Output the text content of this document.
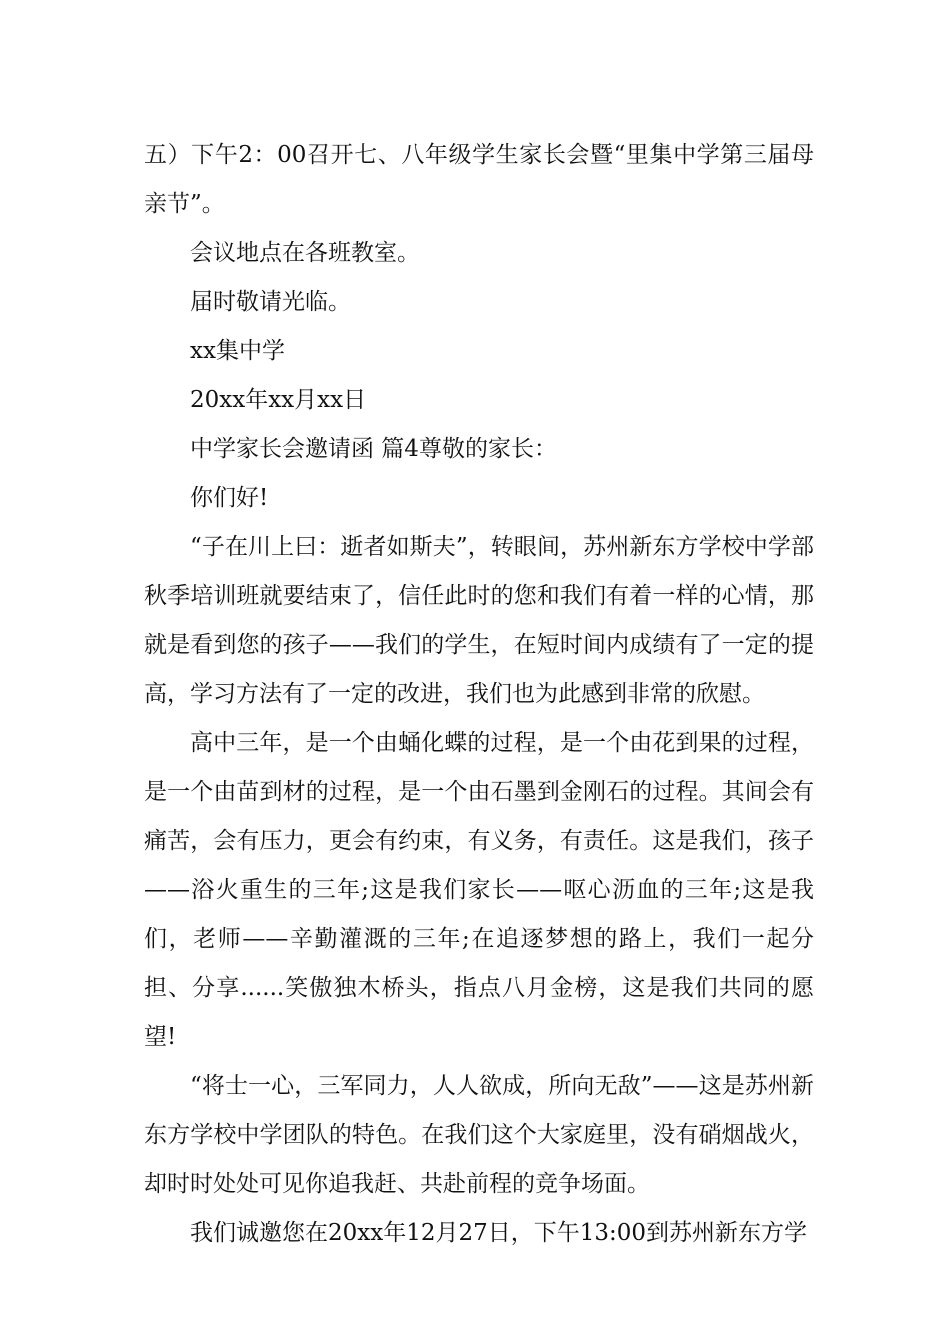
五）下午2：00召开七、八年级学生家长会暨“里集中学第三届母亲节”。

会议地点在各班教室。

届时敬请光临。

xx集中学

20xx年xx月xx日

中学家长会邀请函 篇4尊敬的家长：

你们好!

“子在川上曰：逝者如斯夫”，转眼间，苏州新东方学校中学部秋季培训班就要结束了，信任此时的您和我们有着一样的心情，那就是看到您的孩子——我们的学生，在短时间内成绩有了一定的提高，学习方法有了一定的改进，我们也为此感到非常的欣慰。

高中三年，是一个由蛹化蝶的过程，是一个由花到果的过程，是一个由苗到材的过程，是一个由石墨到金刚石的过程。其间会有痛苦，会有压力，更会有约束，有义务，有责任。这是我们，孩子——浴火重生的三年;这是我们家长——呕心沥血的三年;这是我们，老师——辛勤灌溉的三年;在追逐梦想的路上，我们一起分担、分享......笑傲独木桥头，指点八月金榜，这是我们共同的愿望!

“将士一心，三军同力，人人欲成，所向无敌”——这是苏州新东方学校中学团队的特色。在我们这个大家庭里，没有硝烟战火，却时时处处可见你追我赶、共赴前程的竞争场面。

我们诚邀您在20xx年12月27日，下午13:00到苏州新东方学
